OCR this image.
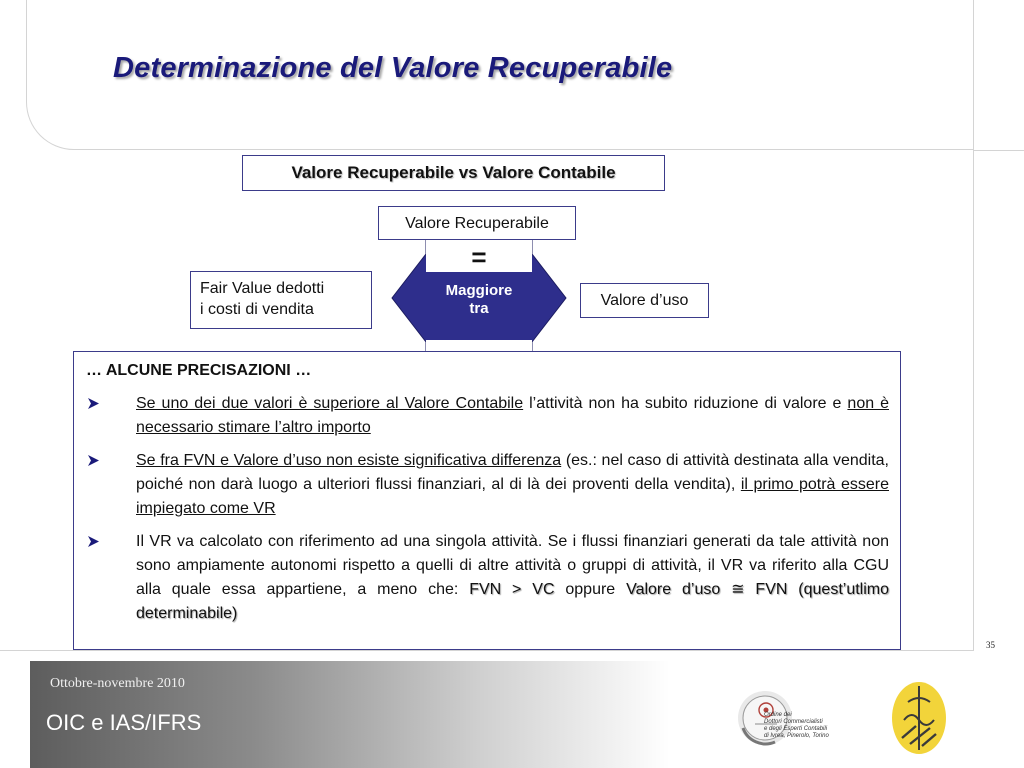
Determinazione del Valore Recuperabile
Valore Recuperabile vs Valore Contabile
Valore Recuperabile
Fair Value dedotti
i costi di vendita
Valore d’uso
=
Maggiore
tra
… ALCUNE PRECISAZIONI …
Se uno dei due valori è superiore al Valore Contabile l’attività non ha subito riduzione di valore e non è necessario stimare l’altro importo
Se fra FVN e Valore d’uso non esiste significativa differenza (es.: nel caso di attività destinata alla vendita, poiché non darà luogo a ulteriori flussi finanziari, al di là dei proventi della vendita), il primo potrà essere impiegato come VR
Il VR va calcolato con riferimento ad una singola attività. Se i flussi finanziari generati da tale attività non sono ampiamente autonomi rispetto a quelli di altre attività o gruppi di attività, il VR va riferito alla CGU alla quale essa appartiene, a meno che: FVN > VC oppure Valore d’uso ≅ FVN (quest’utlimo determinabile)
35
Ottobre-novembre 2010
OIC e IAS/IFRS	Ordine dei
Dottori Commercialisti
e degli Esperti Contabili
di Ivrea, Pinerolo, Torino
